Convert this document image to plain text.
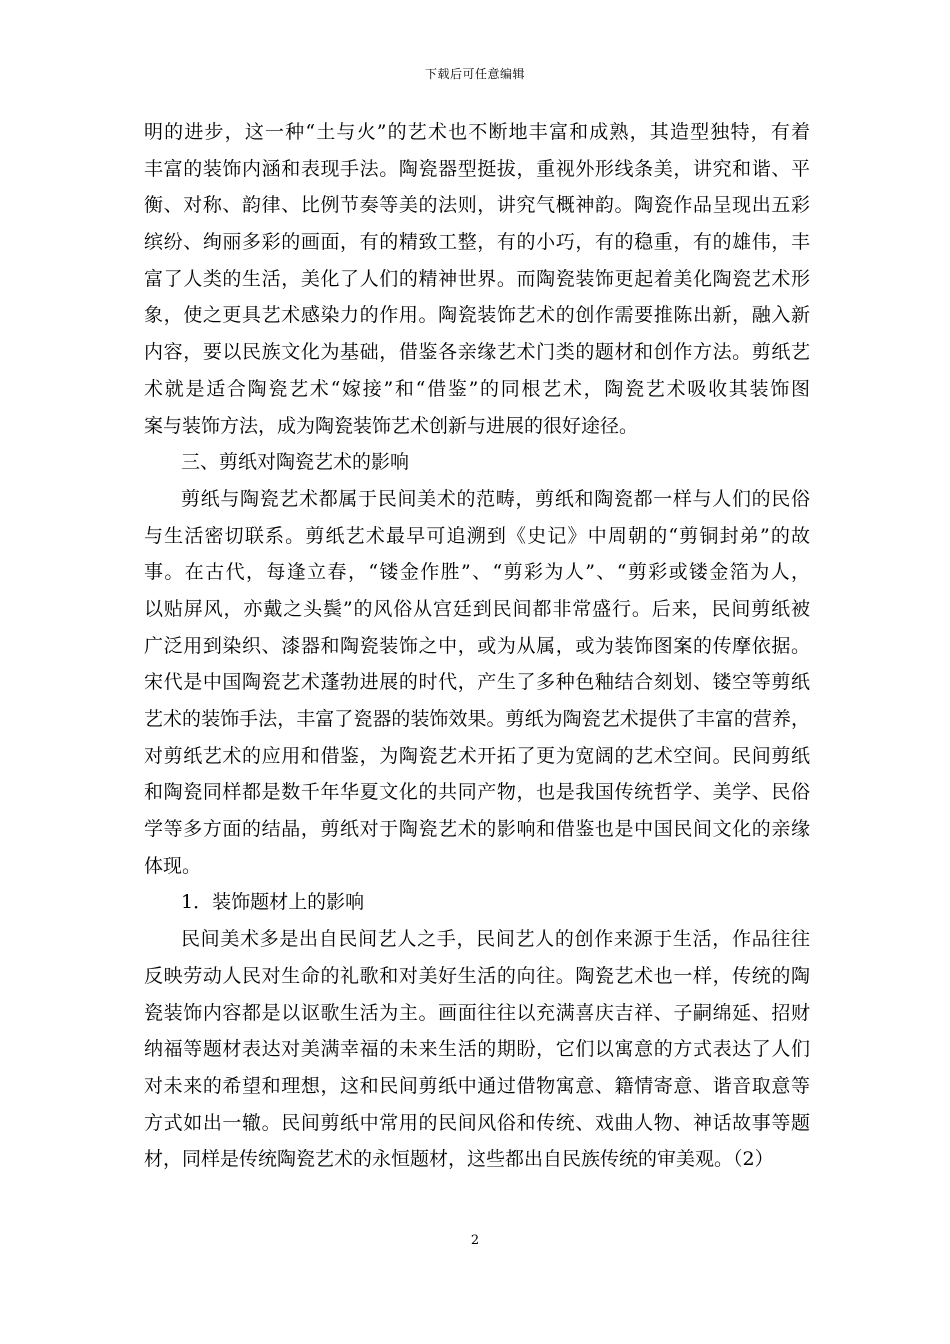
下载后可任意编辑
明的进步，这一种“土与火”的艺术也不断地丰富和成熟，其造型独特，有着
丰富的装饰内涵和表现手法。陶瓷器型挺拔，重视外形线条美，讲究和谐、平
衡、对称、韵律、比例节奏等美的法则，讲究气概神韵。陶瓷作品呈现出五彩
缤纷、绚丽多彩的画面，有的精致工整，有的小巧，有的稳重，有的雄伟，丰
富了人类的生活，美化了人们的精神世界。而陶瓷装饰更起着美化陶瓷艺术形
象，使之更具艺术感染力的作用。陶瓷装饰艺术的创作需要推陈出新，融入新
内容，要以民族文化为基础，借鉴各亲缘艺术门类的题材和创作方法。剪纸艺
术就是适合陶瓷艺术“嫁接”和“借鉴”的同根艺术，陶瓷艺术吸收其装饰图
案与装饰方法，成为陶瓷装饰艺术创新与进展的很好途径。
三、剪纸对陶瓷艺术的影响
剪纸与陶瓷艺术都属于民间美术的范畴，剪纸和陶瓷都一样与人们的民俗
与生活密切联系。剪纸艺术最早可追溯到《史记》中周朝的“剪铜封弟”的故
事。在古代，每逢立春，“镂金作胜”、“剪彩为人”、“剪彩或镂金箔为人，
以贴屏风，亦戴之头鬓”的风俗从宫廷到民间都非常盛行。后来，民间剪纸被
广泛用到染织、漆器和陶瓷装饰之中，或为从属，或为装饰图案的传摩依据。
宋代是中国陶瓷艺术蓬勃进展的时代，产生了多种色釉结合刻划、镂空等剪纸
艺术的装饰手法，丰富了瓷器的装饰效果。剪纸为陶瓷艺术提供了丰富的营养，
对剪纸艺术的应用和借鉴，为陶瓷艺术开拓了更为宽阔的艺术空间。民间剪纸
和陶瓷同样都是数千年华夏文化的共同产物，也是我国传统哲学、美学、民俗
学等多方面的结晶，剪纸对于陶瓷艺术的影响和借鉴也是中国民间文化的亲缘
体现。
1．装饰题材上的影响
民间美术多是出自民间艺人之手，民间艺人的创作来源于生活，作品往往
反映劳动人民对生命的礼歌和对美好生活的向往。陶瓷艺术也一样，传统的陶
瓷装饰内容都是以讴歌生活为主。画面往往以充满喜庆吉祥、子嗣绵延、招财
纳福等题材表达对美满幸福的未来生活的期盼，它们以寓意的方式表达了人们
对未来的希望和理想，这和民间剪纸中通过借物寓意、籍情寄意、谐音取意等
方式如出一辙。民间剪纸中常用的民间风俗和传统、戏曲人物、神话故事等题
材，同样是传统陶瓷艺术的永恒题材，这些都出自民族传统的审美观。（2）
2
